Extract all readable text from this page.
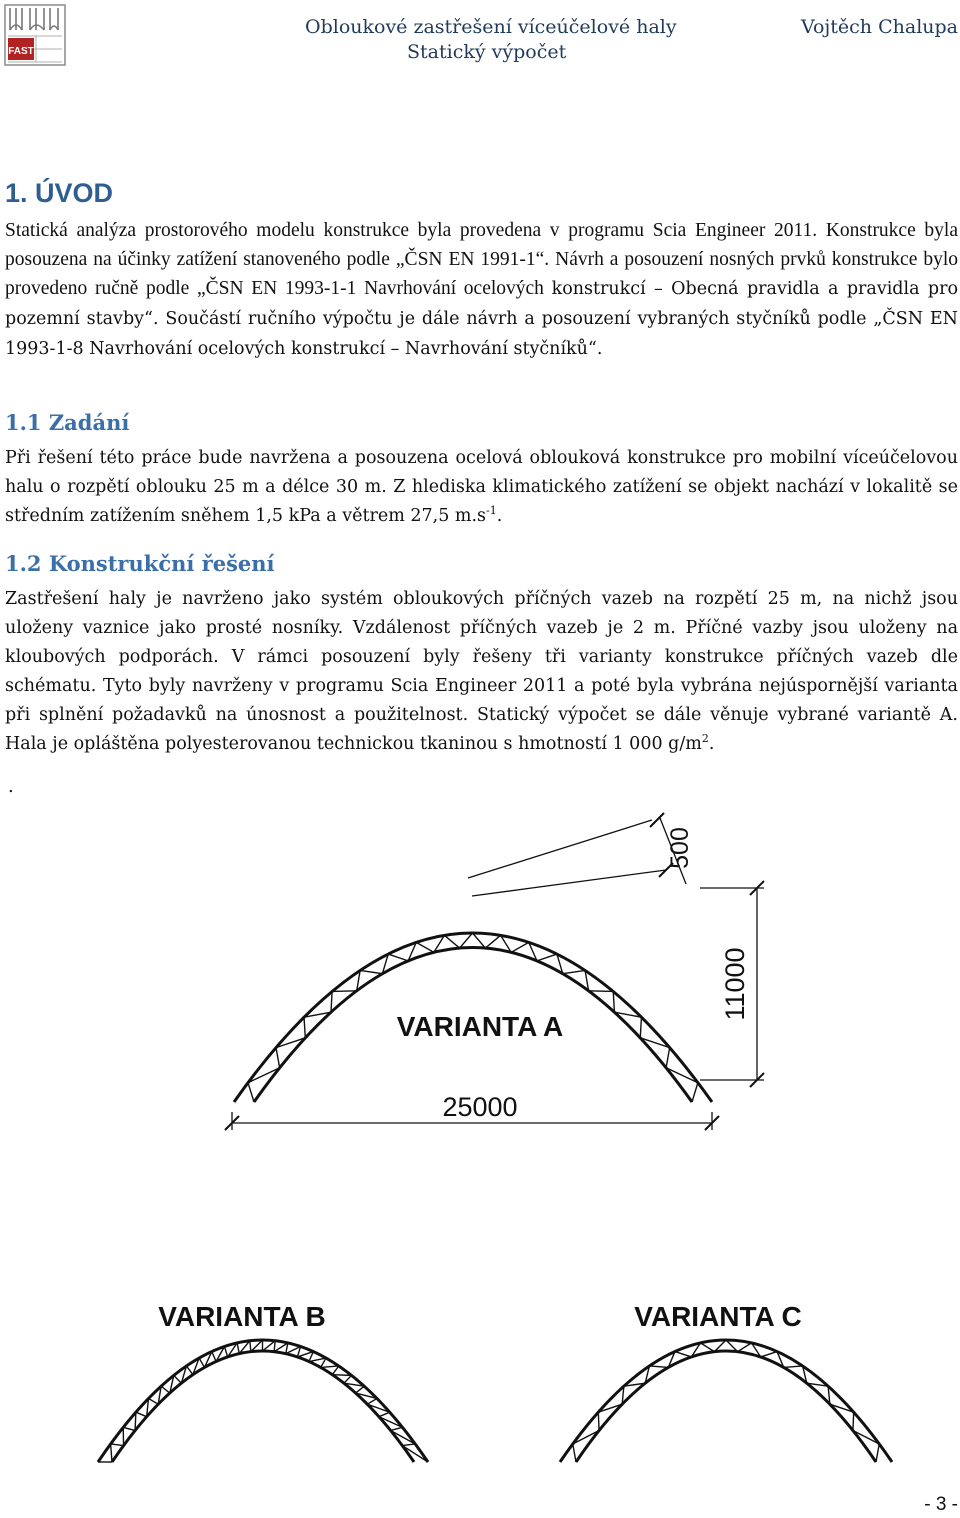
FAST
Obloukové zastřešení víceúčelové haly
Statický výpočet
Vojtěch Chalupa
1. ÚVOD

Statická analýza prostorového modelu konstrukce byla provedena v programu Scia Engineer 2011. Konstrukce byla posouzena na účinky zatížení stanoveného podle „ČSN EN 1991-1“. Návrh a posouzení nosných prvků konstrukce bylo provedeno ručně podle „ČSN EN 1993-1-1 Navrhování ocelových konstrukcí – Obecná pravidla a pravidla pro pozemní stavby“. Součástí ručního výpočtu je dále návrh a posouzení vybraných styčníků podle „ČSN EN 1993-1-8 Navrhování ocelových konstrukcí – Navrhování styčníků“.

1.1 Zadání

Při řešení této práce bude navržena a posouzena ocelová oblouková konstrukce pro mobilní víceúčelovou halu o rozpětí oblouku 25 m a délce 30 m. Z hlediska klimatického zatížení se objekt nachází v lokalitě se středním zatížením sněhem 1,5 kPa a větrem 27,5 $m.s^{-1}$.

1.2 Konstrukční řešení

Zastřešení haly je navrženo jako systém obloukových příčných vazeb na rozpětí 25 m, na nichž jsou uloženy vaznice jako prosté nosníky. Vzdálenost příčných vazeb je 2 m. Příčné vazby jsou uloženy na kloubových podporách. V rámci posouzení byly řešeny tři varianty konstrukce příčných vazeb dle schématu. Tyto byly navrženy v programu Scia Engineer 2011 a poté byla vybrána nejúspornější varianta při splnění požadavků na únosnost a použitelnost. Statický výpočet se dále věnuje vybrané variantě A. Hala je opláštěna polyesterovanou technickou tkaninou s hmotností 1 000 $g/m^2$.

.
VARIANTA A
25000
11000
500
VARIANTA B	VARIANTA C
- 3 -
